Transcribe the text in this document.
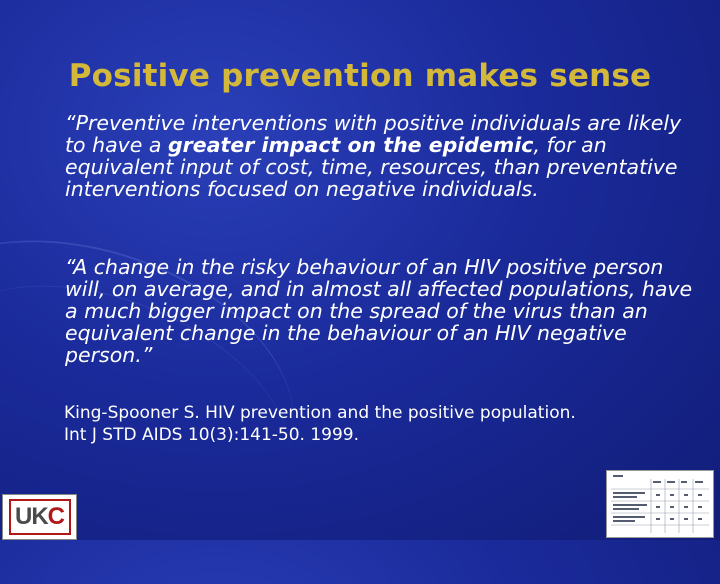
Positive prevention makes sense

“Preventive interventions with positive individuals are likely to have a greater impact on the epidemic, for an equivalent input of cost, time, resources, than preventative interventions focused on negative individuals.

“A change in the risky behaviour of an HIV positive person will, on average, and in almost all affected populations, have a much bigger impact on the spread of the virus than an equivalent change in the behaviour of an HIV negative person.”

King-Spooner S. HIV prevention and the positive population.
Int J STD AIDS 10(3):141-50. 1999.

U K C
